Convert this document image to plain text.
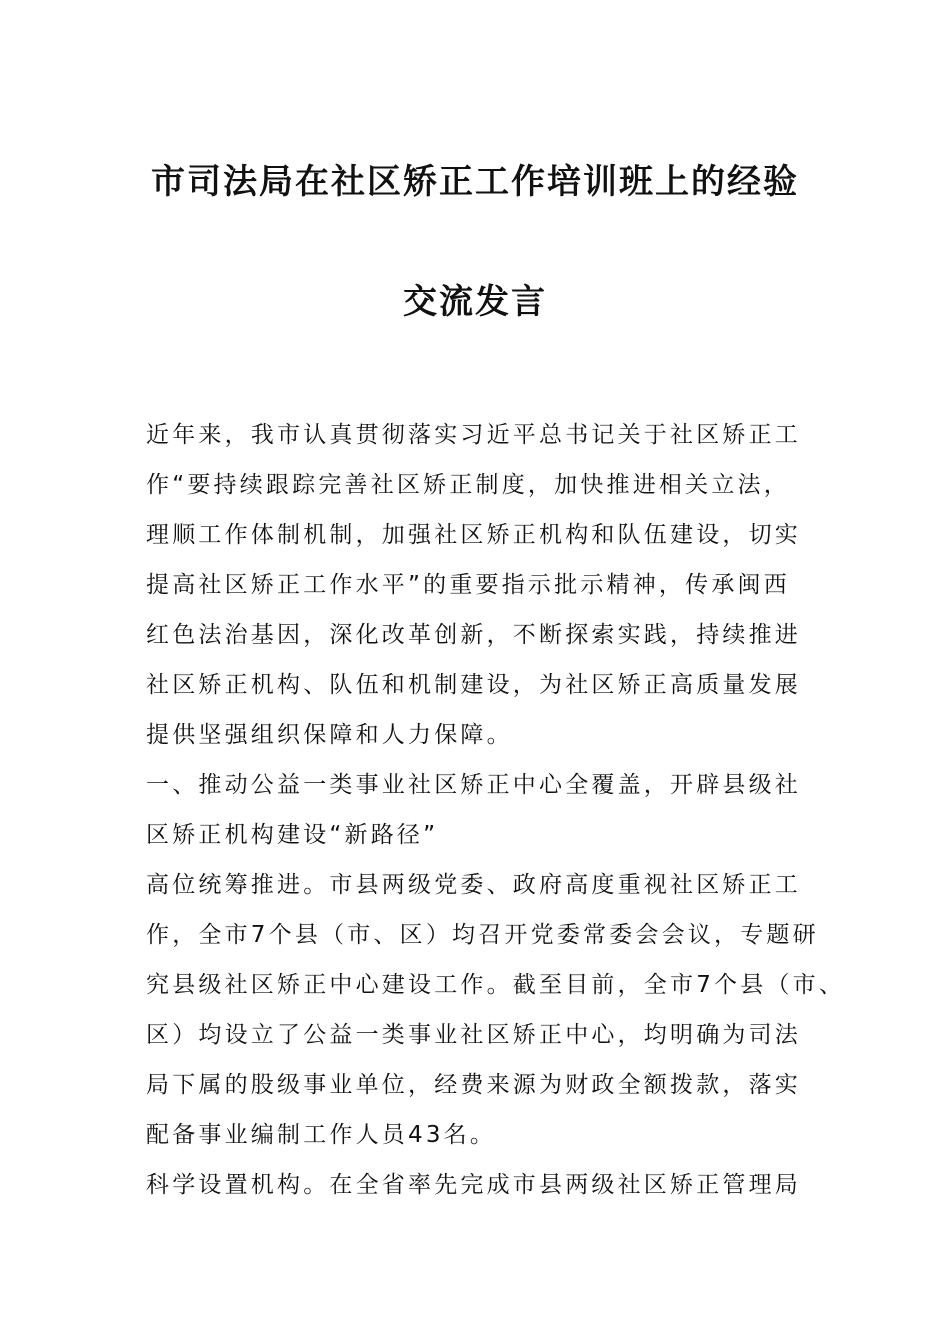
市司法局在社区矫正工作培训班上的经验
交流发言
近年来，我市认真贯彻落实习近平总书记关于社区矫正工
作“要持续跟踪完善社区矫正制度，加快推进相关立法，
理顺工作体制机制，加强社区矫正机构和队伍建设，切实
提高社区矫正工作水平”的重要指示批示精神，传承闽西
红色法治基因，深化改革创新，不断探索实践，持续推进
社区矫正机构、队伍和机制建设，为社区矫正高质量发展
提供坚强组织保障和人力保障。
一、推动公益一类事业社区矫正中心全覆盖，开辟县级社
区矫正机构建设“新路径”
高位统筹推进。市县两级党委、政府高度重视社区矫正工
作，全市7个县（市、区）均召开党委常委会会议，专题研
究县级社区矫正中心建设工作。截至目前，全市7个县（市、
区）均设立了公益一类事业社区矫正中心，均明确为司法
局下属的股级事业单位，经费来源为财政全额拨款，落实
配备事业编制工作人员43名。
科学设置机构。在全省率先完成市县两级社区矫正管理局
